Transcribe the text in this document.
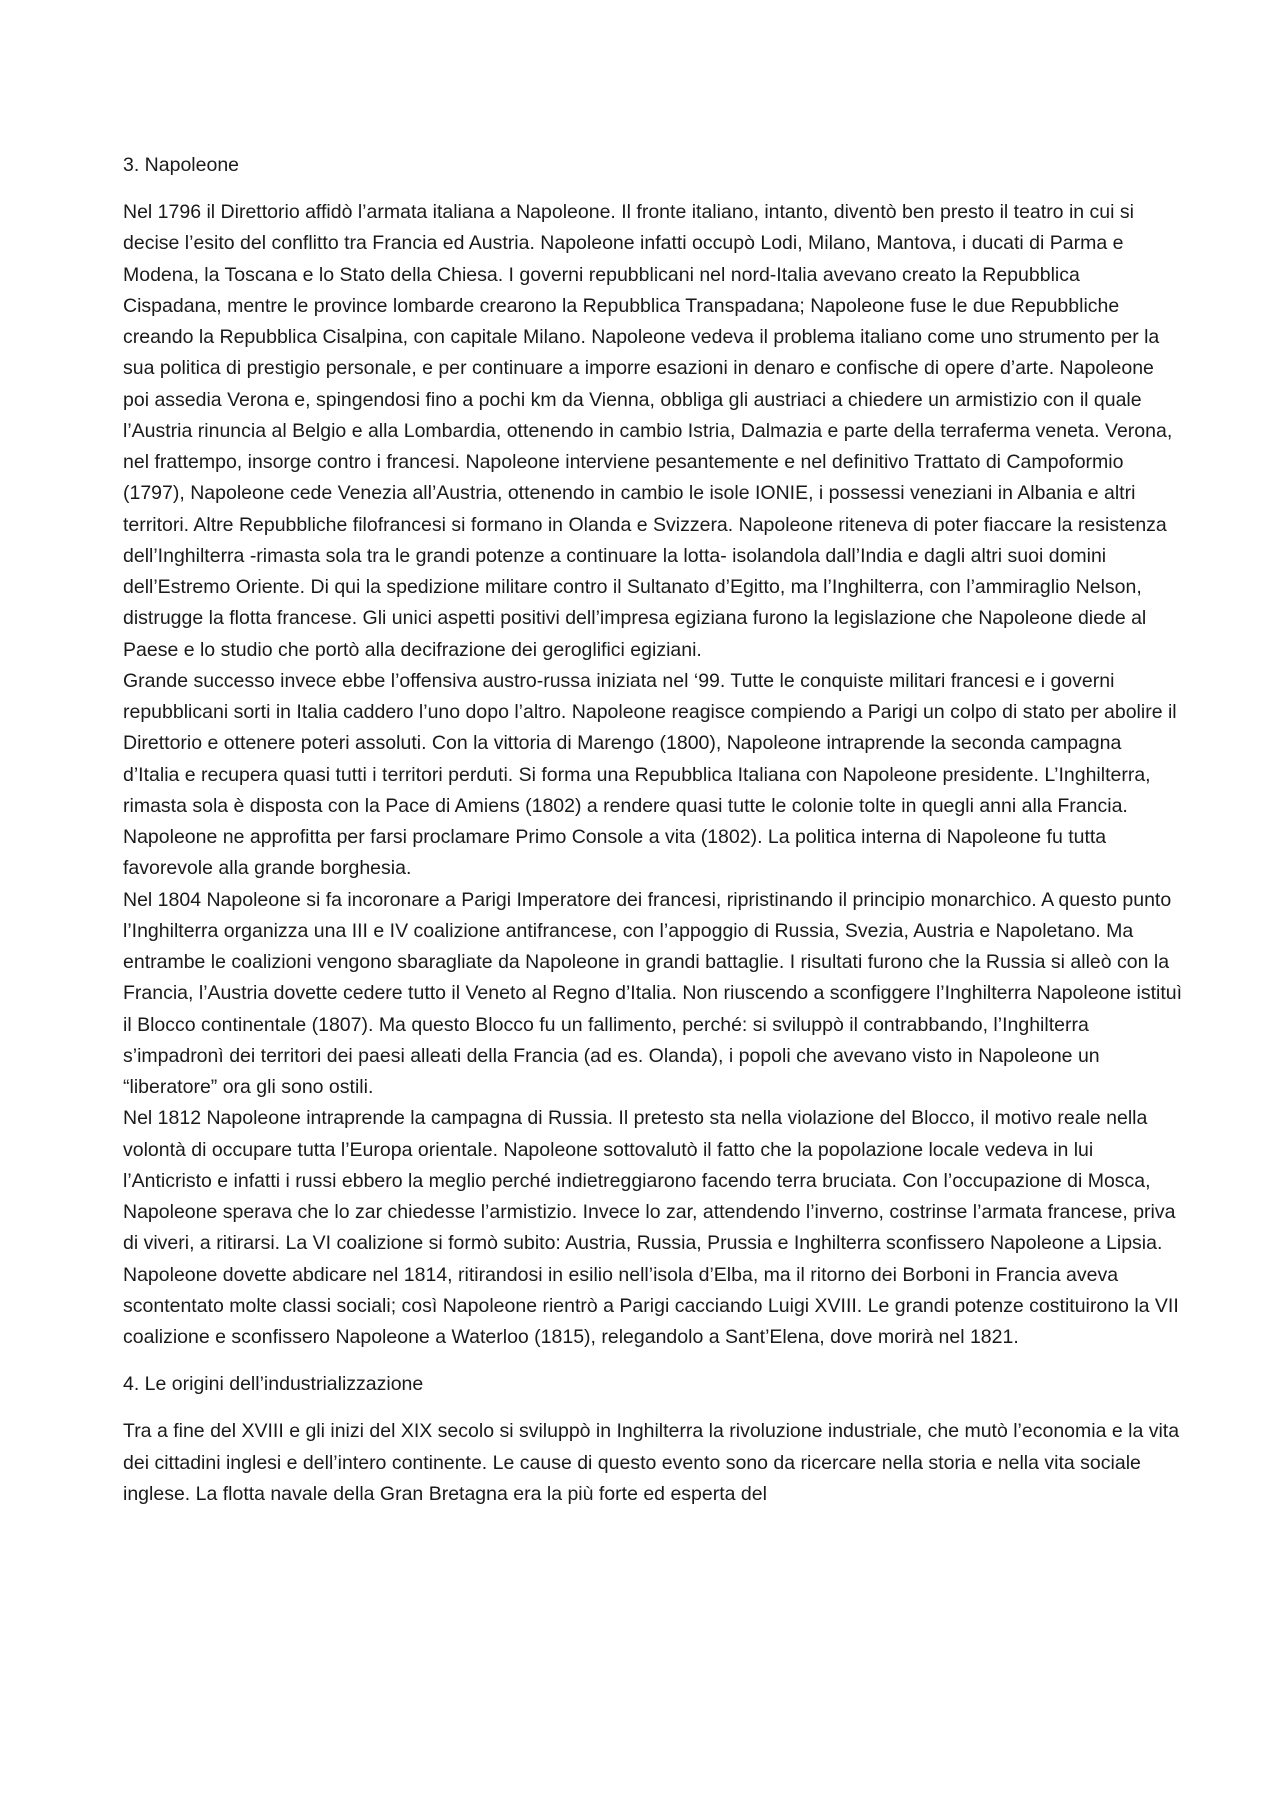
3. Napoleone

Nel 1796 il Direttorio affidò l’armata italiana a Napoleone. Il fronte italiano, intanto, diventò ben presto il teatro in cui si decise l’esito del conflitto tra Francia ed Austria. Napoleone infatti occupò Lodi, Milano, Mantova, i ducati di Parma e Modena, la Toscana e lo Stato della Chiesa. I governi repubblicani nel nord-Italia avevano creato la Repubblica Cispadana, mentre le province lombarde crearono la Repubblica Transpadana; Napoleone fuse le due Repubbliche creando la Repubblica Cisalpina, con capitale Milano. Napoleone vedeva il problema italiano come uno strumento per la sua politica di prestigio personale, e per continuare a imporre esazioni in denaro e confische di opere d’arte. Napoleone poi assedia Verona e, spingendosi fino a pochi km da Vienna, obbliga gli austriaci a chiedere un armistizio con il quale l’Austria rinuncia al Belgio e alla Lombardia, ottenendo in cambio Istria, Dalmazia e parte della terraferma veneta. Verona, nel frattempo, insorge contro i francesi. Napoleone interviene pesantemente e nel definitivo Trattato di Campoformio (1797), Napoleone cede Venezia all’Austria, ottenendo in cambio le isole IONIE, i possessi veneziani in Albania e altri territori. Altre Repubbliche filofrancesi si formano in Olanda e Svizzera. Napoleone riteneva di poter fiaccare la resistenza dell’Inghilterra -rimasta sola tra le grandi potenze a continuare la lotta- isolandola dall’India e dagli altri suoi domini dell’Estremo Oriente. Di qui la spedizione militare contro il Sultanato d’Egitto, ma l’Inghilterra, con l’ammiraglio Nelson, distrugge la flotta francese. Gli unici aspetti positivi dell’impresa egiziana furono la legislazione che Napoleone diede al Paese e lo studio che portò alla decifrazione dei geroglifici egiziani.

Grande successo invece ebbe l’offensiva austro-russa iniziata nel ‘99. Tutte le conquiste militari francesi e i governi repubblicani sorti in Italia caddero l’uno dopo l’altro. Napoleone reagisce compiendo a Parigi un colpo di stato per abolire il Direttorio e ottenere poteri assoluti. Con la vittoria di Marengo (1800), Napoleone intraprende la seconda campagna d’Italia e recupera quasi tutti i territori perduti. Si forma una Repubblica Italiana con Napoleone presidente. L’Inghilterra, rimasta sola è disposta con la Pace di Amiens (1802) a rendere quasi tutte le colonie tolte in quegli anni alla Francia. Napoleone ne approfitta per farsi proclamare Primo Console a vita (1802). La politica interna di Napoleone fu tutta favorevole alla grande borghesia.

Nel 1804 Napoleone si fa incoronare a Parigi Imperatore dei francesi, ripristinando il principio monarchico. A questo punto l’Inghilterra organizza una III e IV coalizione antifrancese, con l’appoggio di Russia, Svezia, Austria e Napoletano. Ma entrambe le coalizioni vengono sbaragliate da Napoleone in grandi battaglie. I risultati furono che la Russia si alleò con la Francia, l’Austria dovette cedere tutto il Veneto al Regno d’Italia. Non riuscendo a sconfiggere l’Inghilterra Napoleone istituì il Blocco continentale (1807). Ma questo Blocco fu un fallimento, perché: si sviluppò il contrabbando, l’Inghilterra s’impadronì dei territori dei paesi alleati della Francia (ad es. Olanda), i popoli che avevano visto in Napoleone un “liberatore” ora gli sono ostili.

Nel 1812 Napoleone intraprende la campagna di Russia. Il pretesto sta nella violazione del Blocco, il motivo reale nella volontà di occupare tutta l’Europa orientale. Napoleone sottovalutò il fatto che la popolazione locale vedeva in lui l’Anticristo e infatti i russi ebbero la meglio perché indietreggiarono facendo terra bruciata. Con l’occupazione di Mosca, Napoleone sperava che lo zar chiedesse l’armistizio. Invece lo zar, attendendo l’inverno, costrinse l’armata francese, priva di viveri, a ritirarsi. La VI coalizione si formò subito: Austria, Russia, Prussia e Inghilterra sconfissero Napoleone a Lipsia.

Napoleone dovette abdicare nel 1814, ritirandosi in esilio nell’isola d’Elba, ma il ritorno dei Borboni in Francia aveva scontentato molte classi sociali; così Napoleone rientrò a Parigi cacciando Luigi XVIII. Le grandi potenze costituirono la VII coalizione e sconfissero Napoleone a Waterloo (1815), relegandolo a Sant’Elena, dove morirà nel 1821.

4. Le origini dell’industrializzazione

Tra a fine del XVIII e gli inizi del XIX secolo si sviluppò in Inghilterra la rivoluzione industriale, che mutò l’economia e la vita dei cittadini inglesi e dell’intero continente. Le cause di questo evento sono da ricercare nella storia e nella vita sociale inglese. La flotta navale della Gran Bretagna era la più forte ed esperta del
